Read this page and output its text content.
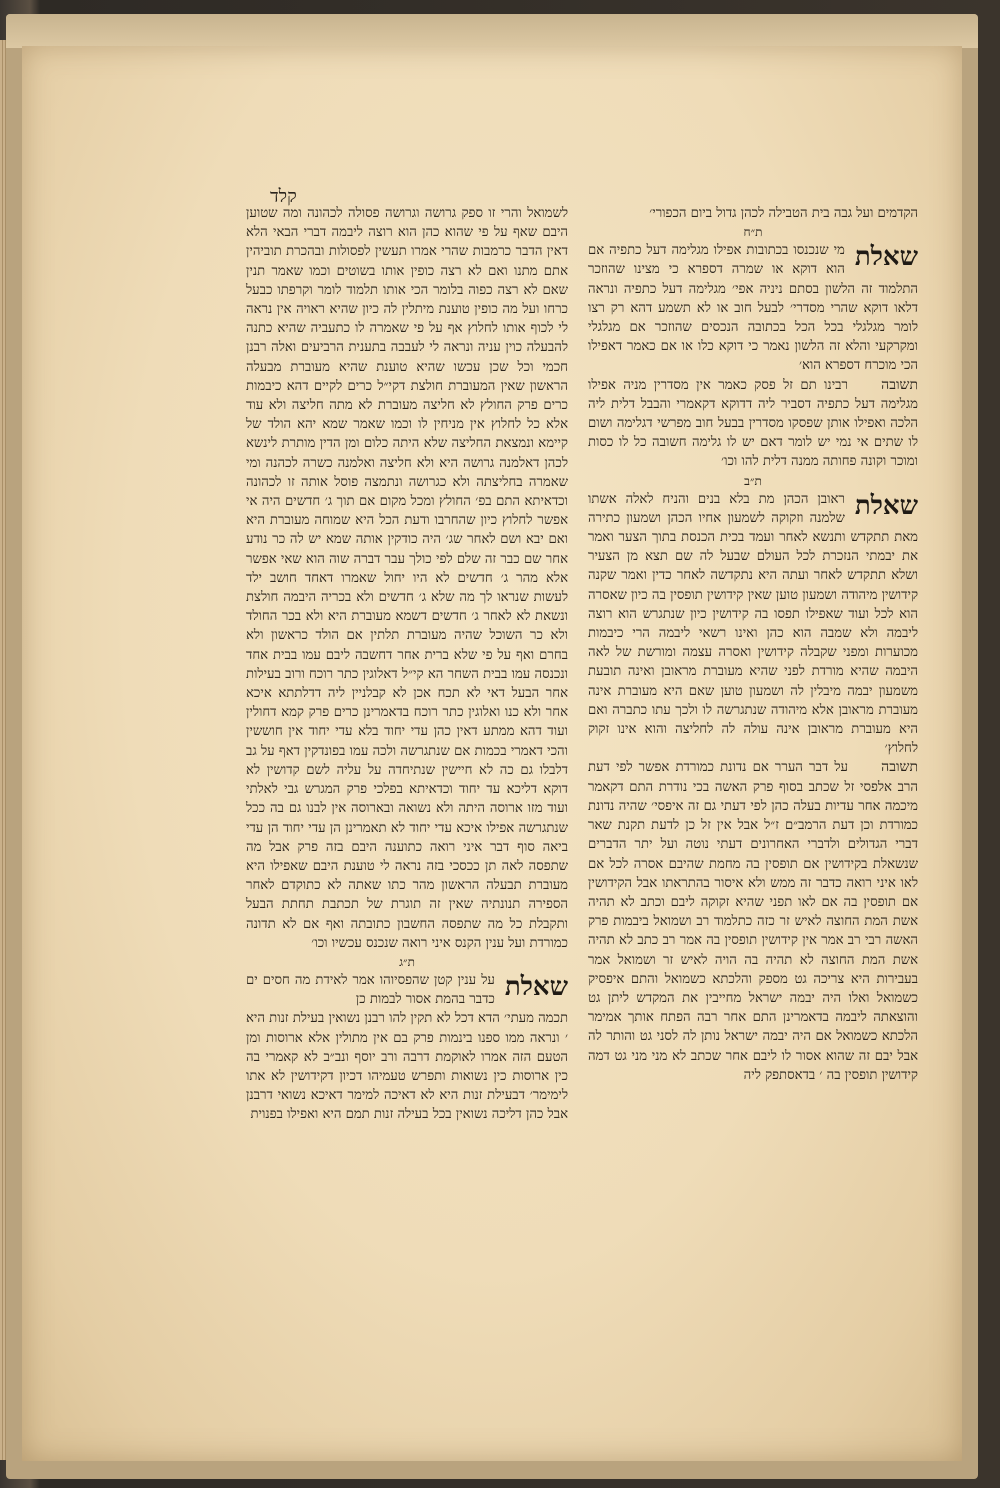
קלד

הקדמים ועל גבה בית הטבילה לכהן גדול ביום הכפורי׳

ת״ח
שאלת

מי שנכנסו בכתובות אפילו מגלימה דעל כתפיה אם הוא דוקא או שמרה דספרא כי מצינו שהוזכר התלמוד זה הלשון בסתם ניניה אפי׳ מגלימה דעל כתפיה ונראה דלאו דוקא שהרי מסדרי׳ לבעל חוב או לא תשמע דהא רק רצו לומר מגלגלי בכל הכל בכתובה הנכסים שהוזכר אם מגלגלי ומקרקעי והלא זה הלשון נאמר כי דוקא כלו או אם כאמר דאפילו הכי מוכרח דספרא הוא׳

תשובה

רבינו תם זל פסק כאמר אין מסדרין מניה אפילו מגלימה דעל כתפיה דסביר ליה דדוקא דקאמרי והבבל דלית ליה הלכה ואפילו אותן שפסקו מסדרין בבעל חוב מפרשי דגלימה ושום לו שתים אי נמי יש לומר דאם יש לו גלימה חשובה כל לו כסות ומוכר וקונה פחותה ממנה דלית להו וכו׳

ת״ב
שאלת

ראובן הכהן מת בלא בנים והניח לאלה אשתו שלמנה וזקוקה לשמעון אחיו הכהן ושמעון כתירה מאת תתקדש ותנשא לאחר ועמד בכית הכנסת בתוך הצער ואמר את יבמתי הנזכרת לכל העולם שבעל לה שם תצא מן הצעיר ושלא תתקדש לאחר ועתה היא נתקדשה לאחר כדין ואמר שקנה קידושין מיהודה ושמעון טוען שאין קידושין תופסין בה כיון שאסרה הוא לכל ועוד שאפילו תפסו בה קידושין כיון שנתגרש הוא רוצה ליבמה ולא שמבה הוא כהן ואינו רשאי ליבמה הרי כיבמות מכוערות ומפני שקבלה קידושין ואסרה עצמה ומורשת של לאה היבמה שהיא מורדת לפני שהיא מעוברת מראובן ואינה תובעת משמעון יבמה מיבלין לה ושמעון טוען שאם היא מעוברת אינה מעוברת מראובן אלא מיהודה שנתגרשה לו ולכך עתו כתברה ואם היא מעוברת מראובן אינה עולה לה לחליצה והוא אינו זקוק לחלוץ׳

תשובה

על דבר הערר אם נדונת כמורדת אפשר לפי דעת הרב אלפסי זל שכתב בסוף פרק האשה בכי נודרת התם דקאמר מיכמה אחר עדיות בעלה כהן לפי דעתי גם זה איפסי׳ שהיה נדונת כמורדת וכן דעת הרמב״ם ז״ל אבל אין זל כן לדעת תקנת שאר דברי הגדולים ולדברי האחרונים דעתי נוטה ועל יתר הדברים שנשאלת בקידושין אם תופסין בה מחמת שהיבם אסרה לכל אם לאו איני רואה כדבר זה ממש ולא איסור בהתראתו אבל הקידושין אם תופסין בה אם לאו תפני שהיא זקוקה ליבם וכתב לא תהיה אשת המת החוצה לאיש זר כזה כתלמוד רב ושמואל ביבמות פרק האשה רבי רב אמר אין קידושין תופסין בה אמר רב כתב לא תהיה אשת המת החוצה לא תהיה בה הויה לאיש זר ושמואל אמר בעבירות היא צריכה גט מספק והלכתא כשמואל והתם איפסיק כשמואל ואלו היה יבמה ישראל מחייבין את המקדש ליתן גט והוצאתה ליבמה בדאמרינן התם אחר רבה הפתח אותך אמימר הלכתא כשמואל אם היה יבמה ישראל נותן לה לסני גט והותר לה אבל יבם זה שהוא אסור לו ליבם אחר שכתב לא מני מני גט דמה קידושין תופסין בה ׳ בדאסתפק ליה

לשמואל והרי זו ספק גרושה וגרושה פסולה לכהונה ומה שטוען היבם שאף על פי שהוא כהן הוא רוצה ליבמה דברי הבאי הלא דאין הדבר כרמבות שהרי אמרו תעשין לפסולות ובהכרת תוביהין אתם מתנו ואם לא רצה כופין אותו בשוטים וכמו שאמר תנין שאם לא רצה כפוה בלומר הכי אותו תלמוד לומר וקרפתו כבעל כרחו ועל מה כופין טוענת מיתלין לה כיון שהיא ראויה אין נראה לי לכוף אותו לחלוץ אף על פי שאמרה לו כתעביה שהיא כתנה להבעלה כוין עניה ונראה לי לעבבה בתענית הרביעים ואלה רבנן חכמי וכל שכן עכשו שהיא טוענת שהיא מעוברת מבעלה הראשון שאין המעוברת חולצת דקי״ל כרים לקיים דהא כיבמות כרים פרק החולץ לא חליצה מעוברת לא מתה חליצה ולא עוד אלא כל לחלוץ אין מניחין לו וכמו שאמר שמא יהא הולד של קיימא ונמצאת החליצה שלא היתה כלום ומן הדין מותרת לינשא לכהן דאלמנה גרושה היא ולא חליצה ואלמנה כשרה לכהנה ומי שאמרה בחליצתה ולא כגרושה ונתמצה פוסל אותה זו לכהונה וכדאיתא התם בפ׳ החולץ ומכל מקום אם תוך ג׳ חדשים היה אי אפשר לחלוץ כיון שהחרבו ודעת הכל היא שמוחה מעוברת היא ואם יבא ושם לאחר שג׳ היה כודקין אותה שמא יש לה כר נודע אחר שם כבר זה שלם לפי כולך עבר דברה שוה הוא שאי אפשר אלא מהר ג׳ חדשים לא היו יחול שאמרו דאחד חושב ילד לעשות שנראו לך מה שלא ג׳ חדשים ולא בכריה היבמה חולצת ונשאת לא לאחר ג׳ חדשים דשמא מעוברת היא ולא בכר החולד ולא כר השוכל שהיה מעוברת תלתין אם הולד כראשון ולא בחרם ואף על פי שלא ברית אחר דחשבה ליבם עמו בבית אחד ונכנסה עמו בבית השחר הא קי״ל דאלוגין כתר רוכח ורוב בעילות אחר הבעל דאי לא תכח אכן לא קבלניין ליה דדלתתא איכא אחר ולא כנו ואלוגין כתר רוכח בדאמרינן כרים פרק קמא דחולין ועוד דהא ממתע דאין כהן עדי יחוד בלא עדי יחוד אין חוששין והכי דאמרי בכמות אם שנתגרשה ולכה עמו בפונדקין דאף על גב דלבלו גם כה לא חיישין שנתיחדה על עליה לשם קדושין לא דוקא דליכא עד יחוד וכדאיתא בפלכי פרק המגרש גבי לאלתי ועוד מזו ארוסה היתה ולא נשואה ובארוסה אין לבנו גם בה ככל שנתגרשה אפילו איכא עדי יחוד לא תאמרינן הן עדי יחוד הן עדי ביאה סוף דבר איני רואה כתוענה היבם בזה פרק אבל מה שתפסה לאה תן ככסכי בזה נראה לי טוענת היבם שאפילו היא מעוברת תבעלה הראשון מהר כתו שאתה לא כתוקדם לאחר הספירה תנונתיה שאין זה תוגרת של תכתבת תחתת הבעל ותקבלת כל מה שתפסה החשבון כתובתה ואף אם לא תדונה כמורדת ועל ענין הקנס איני רואה שנכנס עכשיו וכו׳

ת״ג
שאלת

על ענין קטן שהפסיוהו אמר לאידת מה חסים ים כדבר בהמת אסור לבמות כן

תכמה מעתי׳ הדא דכל לא תקין להו רבנן נשואין בעילת זנות היא ׳ ונראה ממו ספנו בינמות פרק בם אין מתולין אלא ארוסות ומן הטעם הזה אמרו לאוקמת דרבה ורב יוסף ונב״ב לא קאמרי בה כין ארוסות כין נשואות ותפרש טעמיהו דכיון דקידושין לא אתו לימימר׳ דבעילת זנות היא לא דאיכה למימר דאיכא נשואי דרבנן אבל כהן דליכה נשואין בכל בעילה זנות תמם היא ואפילו בפנוית
